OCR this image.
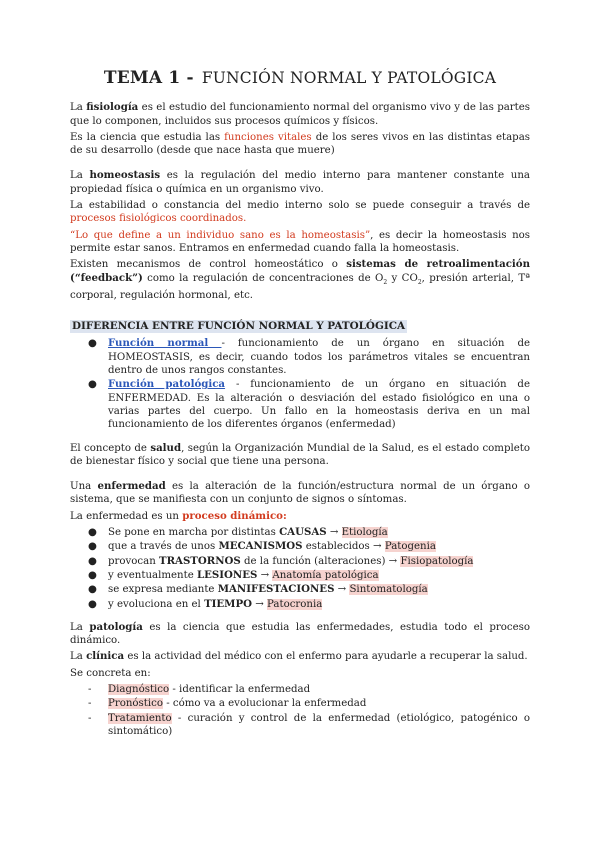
TEMA 1 - FUNCIÓN NORMAL Y PATOLÓGICA

La fisiología es el estudio del funcionamiento normal del organismo vivo y de las partes que lo componen, incluidos sus procesos químicos y físicos.

Es la ciencia que estudia las funciones vitales de los seres vivos en las distintas etapas de su desarrollo (desde que nace hasta que muere)

La homeostasis es la regulación del medio interno para mantener constante una propiedad física o química en un organismo vivo.

La estabilidad o constancia del medio interno solo se puede conseguir a través de procesos fisiológicos coordinados.

“Lo que define a un individuo sano es la homeostasis”, es decir la homeostasis nos permite estar sanos. Entramos en enfermedad cuando falla la homeostasis.

Existen mecanismos de control homeostático o sistemas de retroalimentación (“feedback”) como la regulación de concentraciones de $O_2$ y $CO_2$, presión arterial, Tª corporal, regulación hormonal, etc.

DIFERENCIA ENTRE FUNCIÓN NORMAL Y PATOLÓGICA
● Función normal - funcionamiento de un órgano en situación de HOMEOSTASIS, es decir, cuando todos los parámetros vitales se encuentran dentro de unos rangos constantes.
● Función patológica - funcionamiento de un órgano en situación de ENFERMEDAD. Es la alteración o desviación del estado fisiológico en una o varias partes del cuerpo. Un fallo en la homeostasis deriva en un mal funcionamiento de los diferentes órganos (enfermedad)

El concepto de salud, según la Organización Mundial de la Salud, es el estado completo de bienestar físico y social que tiene una persona.

Una enfermedad es la alteración de la función/estructura normal de un órgano o sistema, que se manifiesta con un conjunto de signos o síntomas.

La enfermedad es un proceso dinámico:

● Se pone en marcha por distintas CAUSAS → Etiología
● que a través de unos MECANISMOS establecidos → Patogenia
● provocan TRASTORNOS de la función (alteraciones) → Fisiopatología
● y eventualmente LESIONES → Anatomía patológica
● se expresa mediante MANIFESTACIONES → Sintomatología
● y evoluciona en el TIEMPO → Patocronia

La patología es la ciencia que estudia las enfermedades, estudia todo el proceso dinámico.

La clínica es la actividad del médico con el enfermo para ayudarle a recuperar la salud.

Se concreta en:

- Diagnóstico - identificar la enfermedad
- Pronóstico - cómo va a evolucionar la enfermedad
- Tratamiento - curación y control de la enfermedad (etiológico, patogénico o sintomático)
